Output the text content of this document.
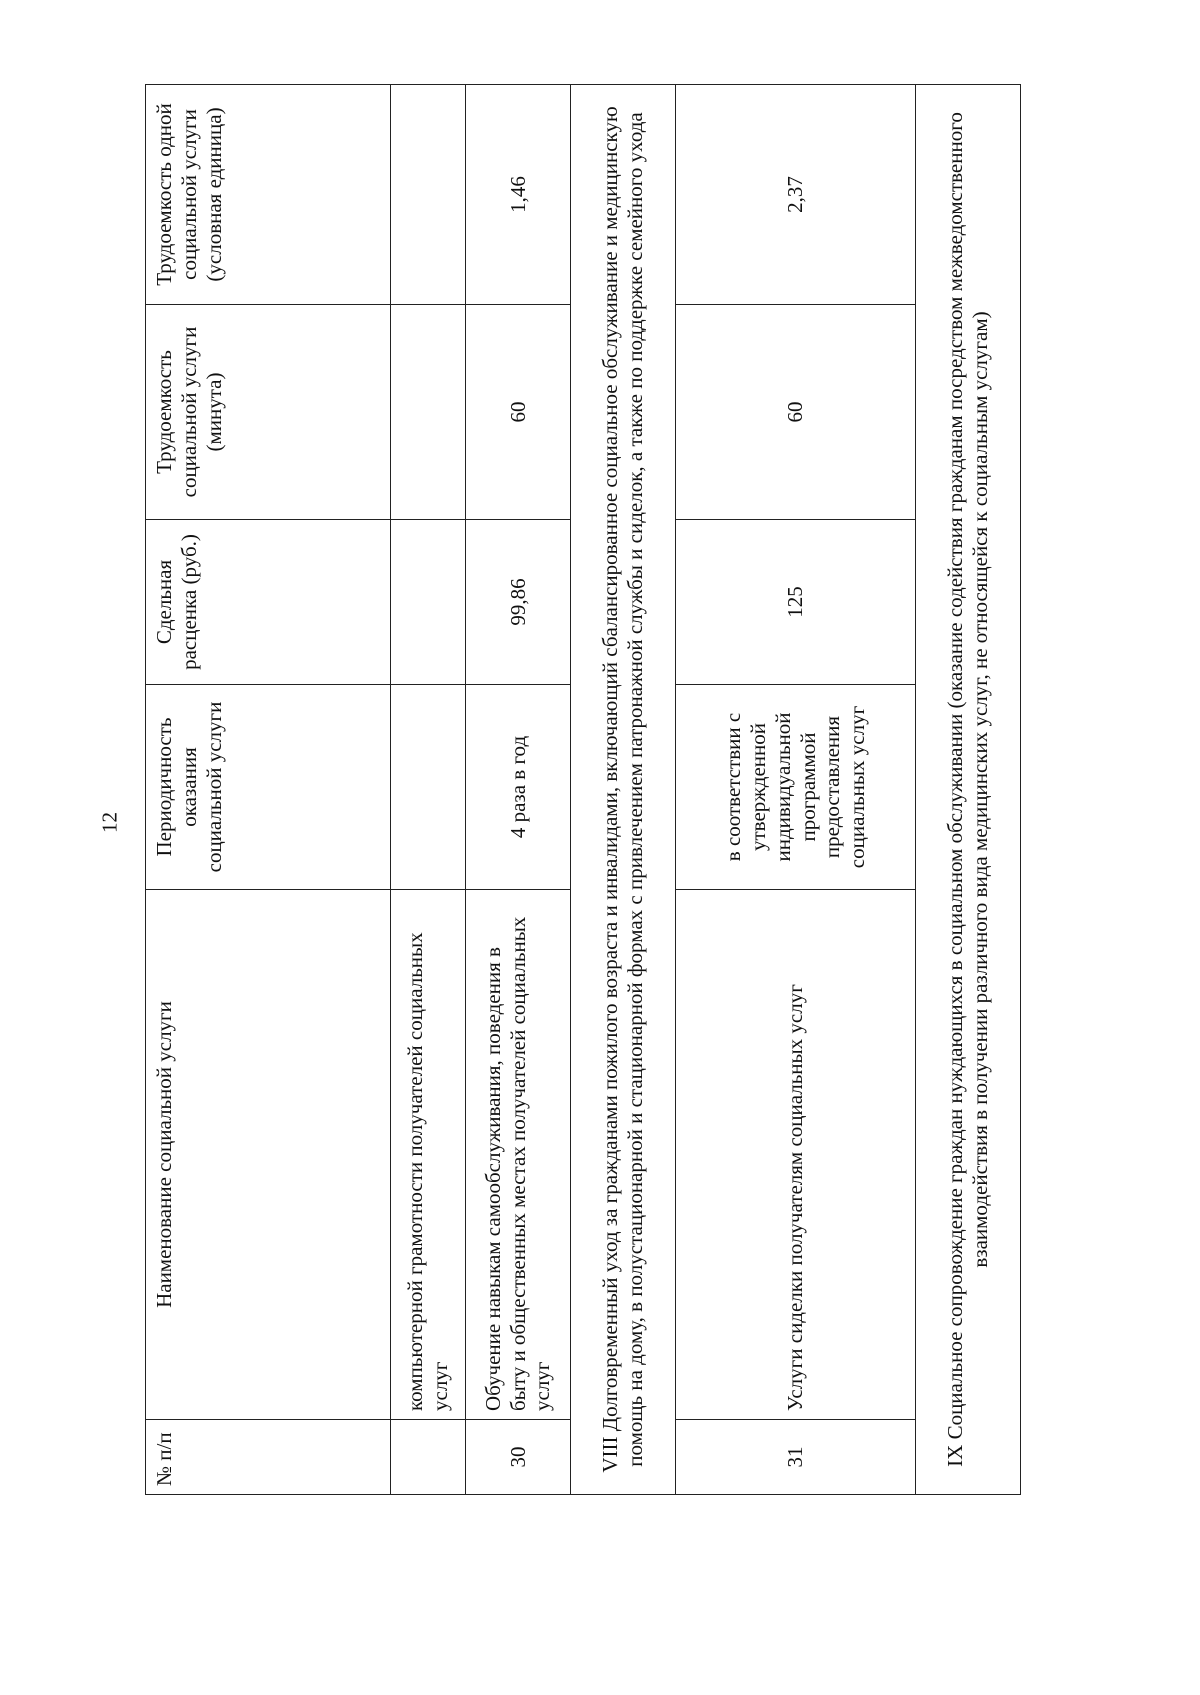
12
№ п/п	Наименование социальной услуги	Периодичность оказания социальной услуги	Сдельная расценка (руб.)	Трудоемкость социальной услуги (минута)	Трудоемкость одной социальной услуги (условная единица)
	компьютерной грамотности получателей социальных услуг				
30	Обучение навыкам самообслуживания, поведения в быту и общественных местах получателей социальных услуг	4 раза в год	99,86	60	1,46
VIII Долговременный уход за гражданами пожилого возраста и инвалидами, включающий сбалансированное социальное обслуживание и медицинскую помощь на дому, в полустационарной и стационарной формах с привлечением патронажной службы и сиделок, а также по поддержке семейного ухода					
31	Услуги сиделки получателям социальных услуг	в соответствии с утвержденной индивидуальной программой предоставления социальных услуг	125	60	2,37
IX Социальное сопровождение граждан нуждающихся в социальном обслуживании (оказание содействия гражданам посредством межведомственного взаимодействия в получении различного вида медицинских услуг, не относящейся к социальным услугам)					
